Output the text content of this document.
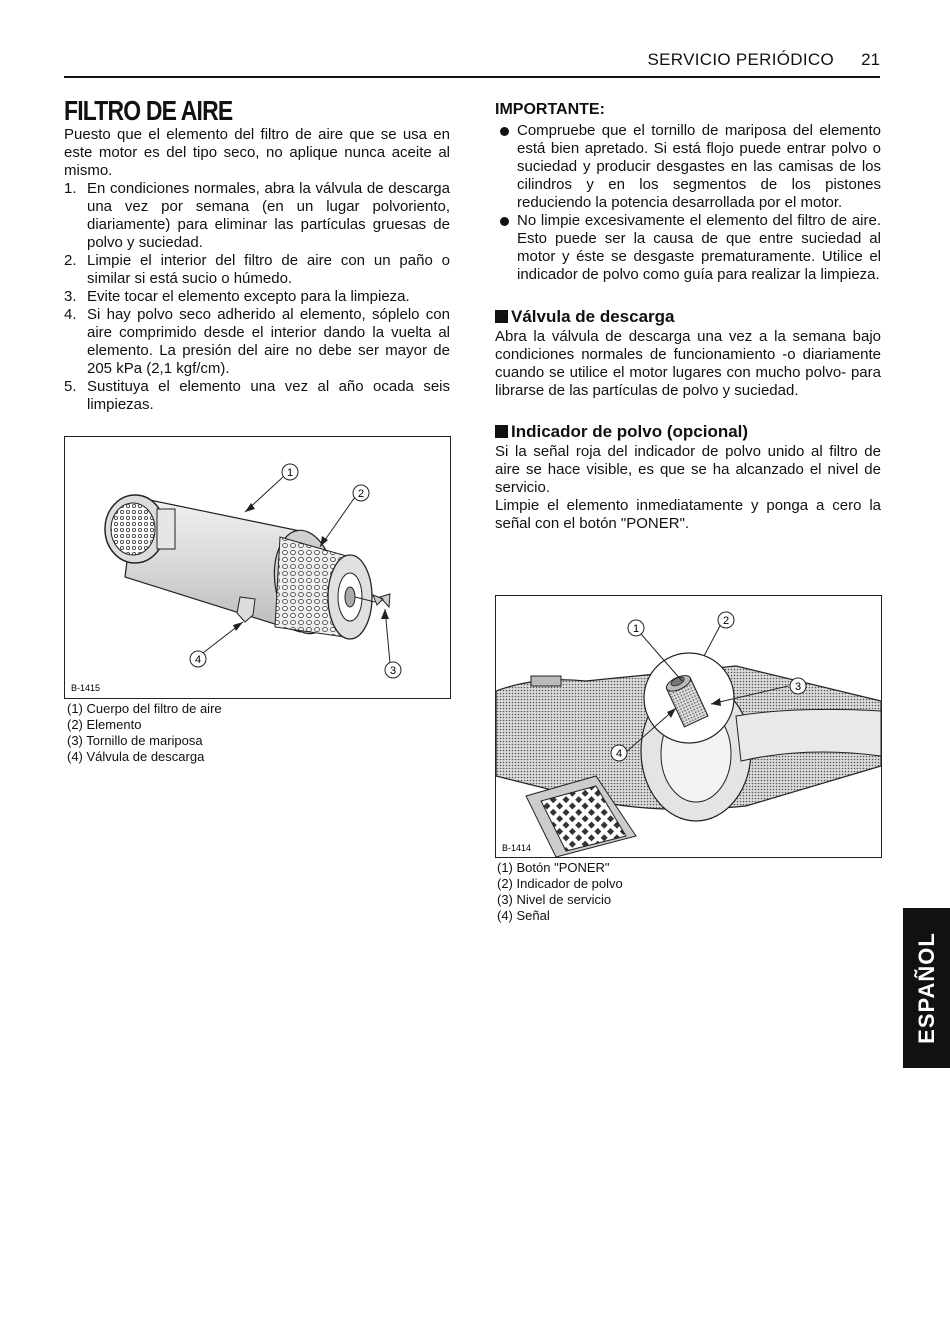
SERVICIO PERIÓDICO 21
FILTRO DE AIRE

Puesto que el elemento del filtro de aire que se usa en este motor es del tipo seco, no aplique nunca aceite al mismo.

1. En condiciones normales, abra la válvula de descarga una vez por semana (en un lugar polvoriento, diariamente) para eliminar las partículas gruesas de polvo y suciedad.
2. Limpie el interior del filtro de aire con un paño o similar si está sucio o húmedo.
3. Evite tocar el elemento excepto para la limpieza.
4. Si hay polvo seco adherido al elemento, sóplelo con aire comprimido desde el interior dando la vuelta al elemento. La presión del aire no debe ser mayor de 205 kPa (2,1 kgf/cm).
5. Sustituya el elemento una vez al año ocada seis limpiezas.
1
2
3
4
B-1415
(1) Cuerpo del filtro de aire
(2) Elemento
(3) Tornillo de mariposa
(4) Válvula de descarga
IMPORTANTE:
Compruebe que el tornillo de mariposa del elemento está bien apretado. Si está flojo puede entrar polvo o suciedad y producir desgastes en las camisas de los cilindros y en los segmentos de los pistones reduciendo la potencia desarrollada por el motor.
No limpie excesivamente el elemento del filtro de aire. Esto puede ser la causa de que entre suciedad al motor y éste se desgaste prematuramente. Utilice el indicador de polvo como guía para realizar la limpieza.
Válvula de descarga

Abra la válvula de descarga una vez a la semana bajo condiciones normales de funcionamiento -o diariamente cuando se utilice el motor lugares con mucho polvo- para librarse de las partículas de polvo y suciedad.

Indicador de polvo (opcional)

Si la señal roja del indicador de polvo unido al filtro de aire se hace visible, es que se ha alcanzado el nivel de servicio.

Limpie el elemento inmediatamente y ponga a cero la señal con el botón "PONER".

1
2
3
4
B-1414
(1) Botón "PONER"
(2) Indicador de polvo
(3) Nivel de servicio
(4) Señal
ESPAÑOL
